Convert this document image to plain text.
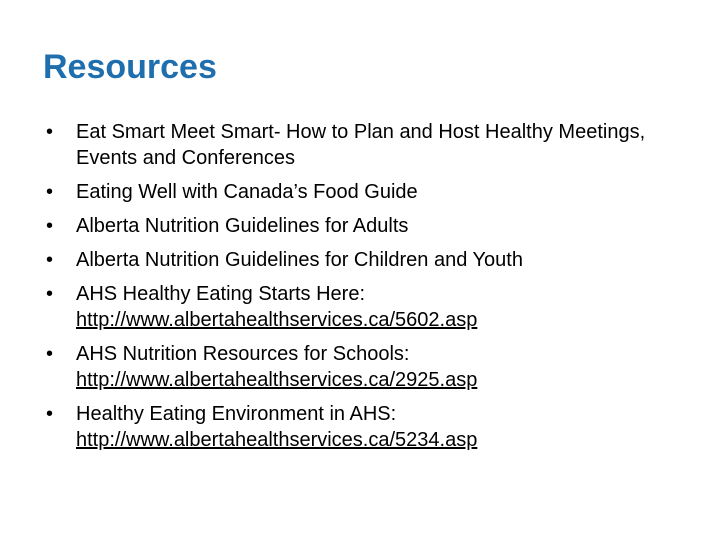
Resources
• Eat Smart Meet Smart- How to Plan and Host Healthy Meetings, Events and Conferences
• Eating Well with Canada’s Food Guide
• Alberta Nutrition Guidelines for Adults
• Alberta Nutrition Guidelines for Children and Youth
• AHS Healthy Eating Starts Here:
http://www.albertahealthservices.ca/5602.asp
• AHS Nutrition Resources for Schools:
http://www.albertahealthservices.ca/2925.asp
• Healthy Eating Environment in AHS:
http://www.albertahealthservices.ca/5234.asp
